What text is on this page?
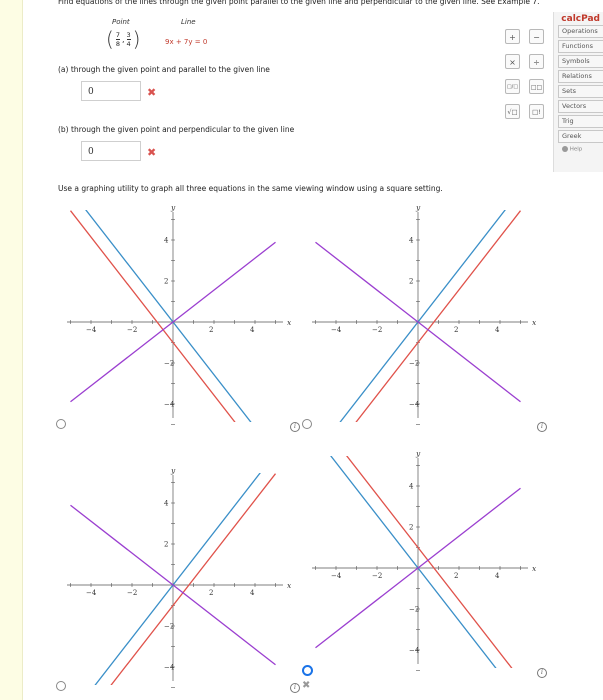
Find equations of the lines through the given point parallel to the given line and perpendicular to the given line. See Example 7.
Point	Line
( $\frac{7}{8}$ , $\frac{3}{4}$ )	9x + 7y = 0
(a) through the given point and parallel to the given line
0	✖
(b) through the given point and perpendicular to the given line
0	✖
+	−
×	÷
□/□	□□
√□	□!
calcPad
Operations
Functions
Symbols
Relations
Sets
Vectors
Trig
Greek
Help
Use a graphing utility to graph all three equations in the same viewing window using a square setting.
x
y
−4
−4
−2
−2
2
2
4
4
x
y
−4
−4
−2
−2
2
2
4
4
x
y
−4
−4
−2
−2
2
2
4
4
x
y
−4
−4
−2
−2
2
2
4
4
i	i
i ✖
i
